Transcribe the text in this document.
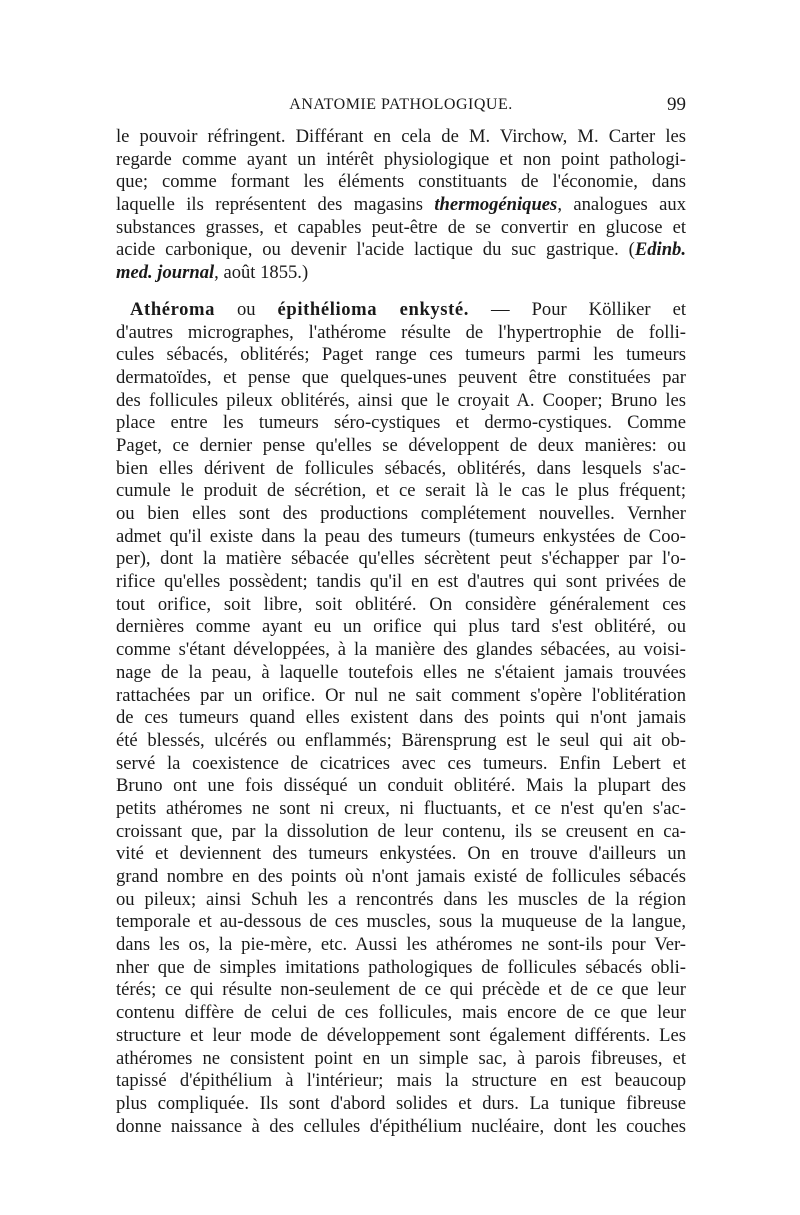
ANATOMIE PATHOLOGIQUE.	99
le pouvoir réfringent. Différant en cela de M. Virchow, M. Carter les
regarde comme ayant un intérêt physiologique et non point pathologi-
que; comme formant les éléments constituants de l'économie, dans
laquelle ils représentent des magasins thermogéniques, analogues aux
substances grasses, et capables peut-être de se convertir en glucose et
acide carbonique, ou devenir l'acide lactique du suc gastrique. (Edinb.
med. journal, août 1855.)
Athéroma ou épithélioma enkysté. — Pour Kölliker et
d'autres micrographes, l'athérome résulte de l'hypertrophie de folli-
cules sébacés, oblitérés; Paget range ces tumeurs parmi les tumeurs
dermatoïdes, et pense que quelques-unes peuvent être constituées par
des follicules pileux oblitérés, ainsi que le croyait A. Cooper; Bruno les
place entre les tumeurs séro-cystiques et dermo-cystiques. Comme
Paget, ce dernier pense qu'elles se développent de deux manières: ou
bien elles dérivent de follicules sébacés, oblitérés, dans lesquels s'ac-
cumule le produit de sécrétion, et ce serait là le cas le plus fréquent;
ou bien elles sont des productions complétement nouvelles. Vernher
admet qu'il existe dans la peau des tumeurs (tumeurs enkystées de Coo-
per), dont la matière sébacée qu'elles sécrètent peut s'échapper par l'o-
rifice qu'elles possèdent; tandis qu'il en est d'autres qui sont privées de
tout orifice, soit libre, soit oblitéré. On considère généralement ces
dernières comme ayant eu un orifice qui plus tard s'est oblitéré, ou
comme s'étant développées, à la manière des glandes sébacées, au voisi-
nage de la peau, à laquelle toutefois elles ne s'étaient jamais trouvées
rattachées par un orifice. Or nul ne sait comment s'opère l'oblitération
de ces tumeurs quand elles existent dans des points qui n'ont jamais
été blessés, ulcérés ou enflammés; Bärensprung est le seul qui ait ob-
servé la coexistence de cicatrices avec ces tumeurs. Enfin Lebert et
Bruno ont une fois disséqué un conduit oblitéré. Mais la plupart des
petits athéromes ne sont ni creux, ni fluctuants, et ce n'est qu'en s'ac-
croissant que, par la dissolution de leur contenu, ils se creusent en ca-
vité et deviennent des tumeurs enkystées. On en trouve d'ailleurs un
grand nombre en des points où n'ont jamais existé de follicules sébacés
ou pileux; ainsi Schuh les a rencontrés dans les muscles de la région
temporale et au-dessous de ces muscles, sous la muqueuse de la langue,
dans les os, la pie-mère, etc. Aussi les athéromes ne sont-ils pour Ver-
nher que de simples imitations pathologiques de follicules sébacés obli-
térés; ce qui résulte non-seulement de ce qui précède et de ce que leur
contenu diffère de celui de ces follicules, mais encore de ce que leur
structure et leur mode de développement sont également différents. Les
athéromes ne consistent point en un simple sac, à parois fibreuses, et
tapissé d'épithélium à l'intérieur; mais la structure en est beaucoup
plus compliquée. Ils sont d'abord solides et durs. La tunique fibreuse
donne naissance à des cellules d'épithélium nucléaire, dont les couches
